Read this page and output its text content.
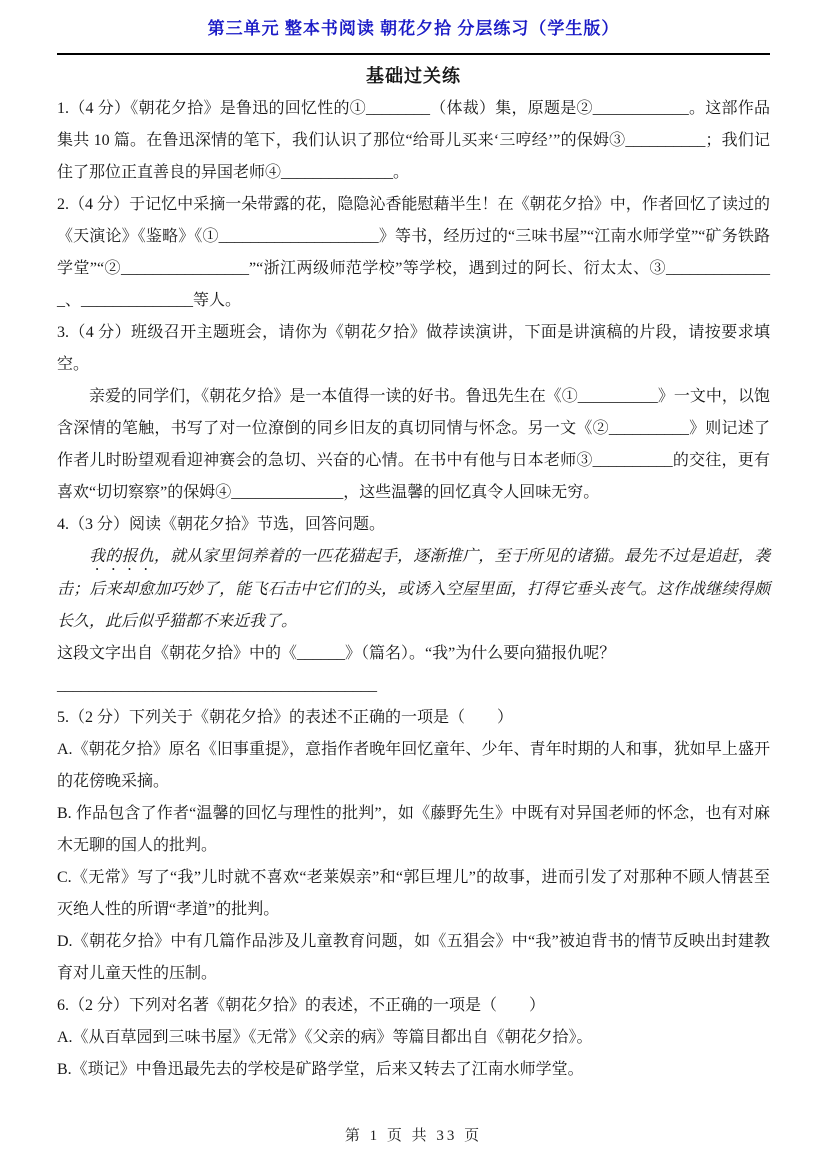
第三单元 整本书阅读 朝花夕拾 分层练习（学生版）
基础过关练

1.（4 分）《朝花夕拾》是鲁迅的回忆性的①________（体裁）集，原题是②____________。这部作品集共 10 篇。在鲁迅深情的笔下，我们认识了那位“给哥儿买来‘三哼经’”的保姆③__________；我们记住了那位正直善良的异国老师④______________。

2.（4 分）于记忆中采摘一朵带露的花，隐隐沁香能慰藉半生！在《朝花夕拾》中，作者回忆了读过的《天演论》《鉴略》《①____________________》等书，经历过的“三味书屋”“江南水师学堂”“矿务铁路学堂”“②________________”“浙江两级师范学校”等学校，遇到过的阿长、衍太太、③______________、______________等人。

3.（4 分）班级召开主题班会，请你为《朝花夕拾》做荐读演讲，下面是讲演稿的片段，请按要求填空。

亲爱的同学们，《朝花夕拾》是一本值得一读的好书。鲁迅先生在《①__________》一文中，以饱含深情的笔触，书写了对一位潦倒的同乡旧友的真切同情与怀念。另一文《②__________》则记述了作者儿时盼望观看迎神赛会的急切、兴奋的心情。在书中有他与日本老师③__________的交往，更有喜欢“切切察察”的保姆④______________，这些温馨的回忆真令人回味无穷。

4.（3 分）阅读《朝花夕拾》节选，回答问题。

我的报仇，就从家里饲养着的一匹花猫起手，逐渐推广，至于所见的诸猫。最先不过是追赶，袭击；后来却愈加巧妙了，能飞石击中它们的头，或诱入空屋里面，打得它垂头丧气。这作战继续得颇长久，此后似乎猫都不来近我了。

这段文字出自《朝花夕拾》中的《______》（篇名）。“我”为什么要向猫报仇呢？

________________________________________

5.（2 分）下列关于《朝花夕拾》的表述不正确的一项是（　　）

A.《朝花夕拾》原名《旧事重提》，意指作者晚年回忆童年、少年、青年时期的人和事，犹如早上盛开的花傍晚采摘。

B. 作品包含了作者“温馨的回忆与理性的批判”，如《藤野先生》中既有对异国老师的怀念，也有对麻木无聊的国人的批判。

C.《无常》写了“我”儿时就不喜欢“老莱娱亲”和“郭巨埋儿”的故事，进而引发了对那种不顾人情甚至灭绝人性的所谓“孝道”的批判。

D.《朝花夕拾》中有几篇作品涉及儿童教育问题，如《五猖会》中“我”被迫背书的情节反映出封建教育对儿童天性的压制。

6.（2 分）下列对名著《朝花夕拾》的表述，不正确的一项是（　　）

A.《从百草园到三味书屋》《无常》《父亲的病》等篇目都出自《朝花夕拾》。

B.《琐记》中鲁迅最先去的学校是矿路学堂，后来又转去了江南水师学堂。

第 1 页 共 33 页
